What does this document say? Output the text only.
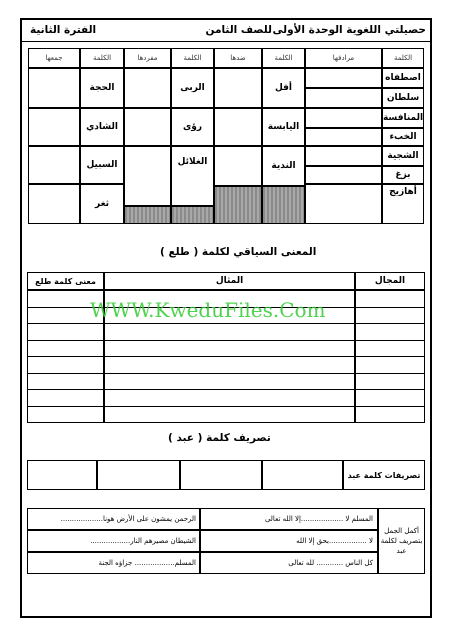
حصيلتي اللغوية الوحدة الأولى
للصف الثامن
الفترة الثانية
الكلمة
مرادفها
الكلمة
ضدها
الكلمة
مفردها
الكلمة
جمعها
اصطفاه
سلطان
المنافسة
الخبء
الشجية
بزغ
أهازيج
أفل
اليابسة
الندية
الربى
رؤى
الغلائل
الحجة
الشادي
السبيل
ثغر
المعنى السياقي لكلمة ( طلع )
المجال
المثال
معنى كلمة طلع
WWW.KweduFiles.Com
تصريف كلمة ( عبد )
تصريفات كلمة عبد
أكمل الجمل بتصريف لكلمة عبد
المسلم لا ...................إلا الله تعالى
...................الرحمن يمشون على الأرض هونا
لا .................بحق إلا الله
..................الشيطان مصيرهم النار
كل الناس ............ لله تعالى
المسلم.................. جزاؤه الجنة
